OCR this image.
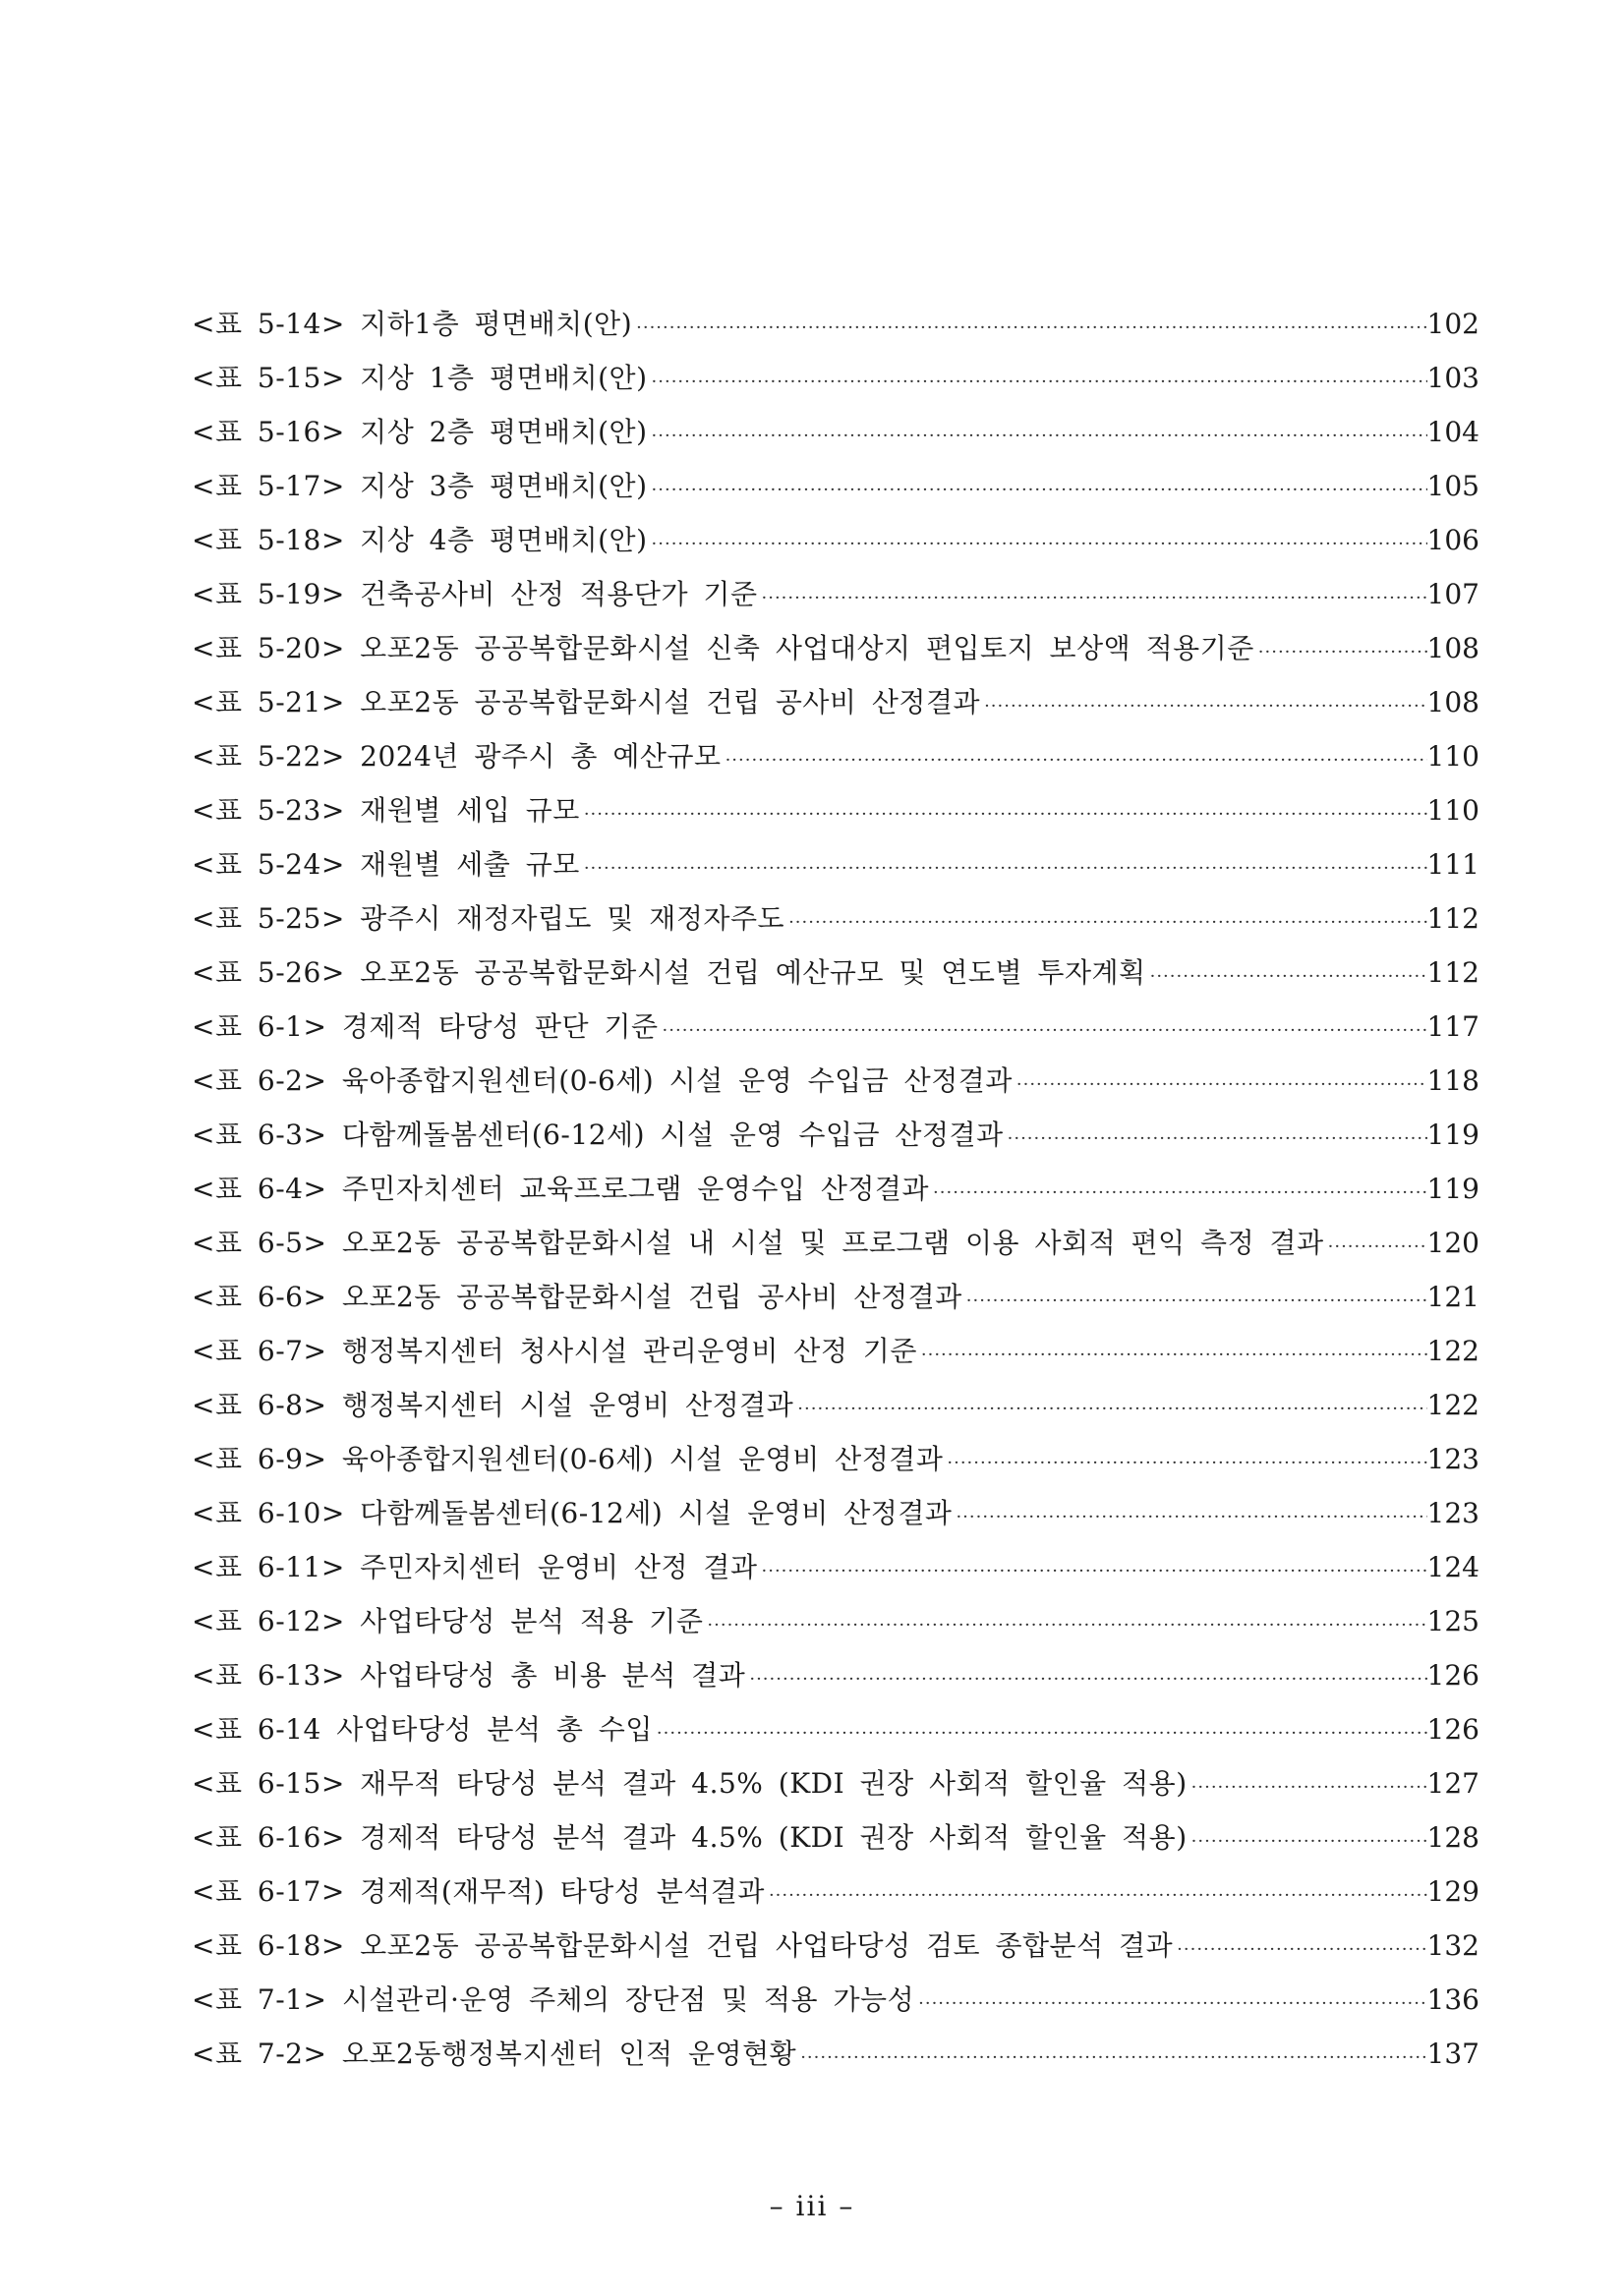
<표 5-14> 지하1층 평면배치(안) ·····	102
<표 5-15> 지상 1층 평면배치(안) ·····	103
<표 5-16> 지상 2층 평면배치(안) ·····	104
<표 5-17> 지상 3층 평면배치(안) ·····	105
<표 5-18> 지상 4층 평면배치(안) ·····	106
<표 5-19> 건축공사비 산정 적용단가 기준 ·····	107
<표 5-20> 오포2동 공공복합문화시설 신축 사업대상지 편입토지 보상액 적용기준 ·····	108
<표 5-21> 오포2동 공공복합문화시설 건립 공사비 산정결과 ·····	108
<표 5-22> 2024년 광주시 총 예산규모 ·····	110
<표 5-23> 재원별 세입 규모 ·····	110
<표 5-24> 재원별 세출 규모 ·····	111
<표 5-25> 광주시 재정자립도 및 재정자주도 ·····	112
<표 5-26> 오포2동 공공복합문화시설 건립 예산규모 및 연도별 투자계획 ·····	112
<표 6-1> 경제적 타당성 판단 기준 ·····	117
<표 6-2> 육아종합지원센터(0-6세) 시설 운영 수입금 산정결과 ·····	118
<표 6-3> 다함께돌봄센터(6-12세) 시설 운영 수입금 산정결과 ·····	119
<표 6-4> 주민자치센터 교육프로그램 운영수입 산정결과 ·····	119
<표 6-5> 오포2동 공공복합문화시설 내 시설 및 프로그램 이용 사회적 편익 측정 결과 ·····	120
<표 6-6> 오포2동 공공복합문화시설 건립 공사비 산정결과 ·····	121
<표 6-7> 행정복지센터 청사시설 관리운영비 산정 기준 ·····	122
<표 6-8> 행정복지센터 시설 운영비 산정결과 ·····	122
<표 6-9> 육아종합지원센터(0-6세) 시설 운영비 산정결과 ·····	123
<표 6-10> 다함께돌봄센터(6-12세) 시설 운영비 산정결과 ·····	123
<표 6-11> 주민자치센터 운영비 산정 결과 ·····	124
<표 6-12> 사업타당성 분석 적용 기준 ·····	125
<표 6-13> 사업타당성 총 비용 분석 결과 ·····	126
<표 6-14 사업타당성 분석 총 수입 ·····	126
<표 6-15> 재무적 타당성 분석 결과 4.5% (KDI 권장 사회적 할인율 적용) ·····	127
<표 6-16> 경제적 타당성 분석 결과 4.5% (KDI 권장 사회적 할인율 적용) ·····	128
<표 6-17> 경제적(재무적) 타당성 분석결과 ·····	129
<표 6-18> 오포2동 공공복합문화시설 건립 사업타당성 검토 종합분석 결과 ·····	132
<표 7-1> 시설관리·운영 주체의 장단점 및 적용 가능성 ·····	136
<표 7-2> 오포2동행정복지센터 인적 운영현황 ·····	137
– iii –
